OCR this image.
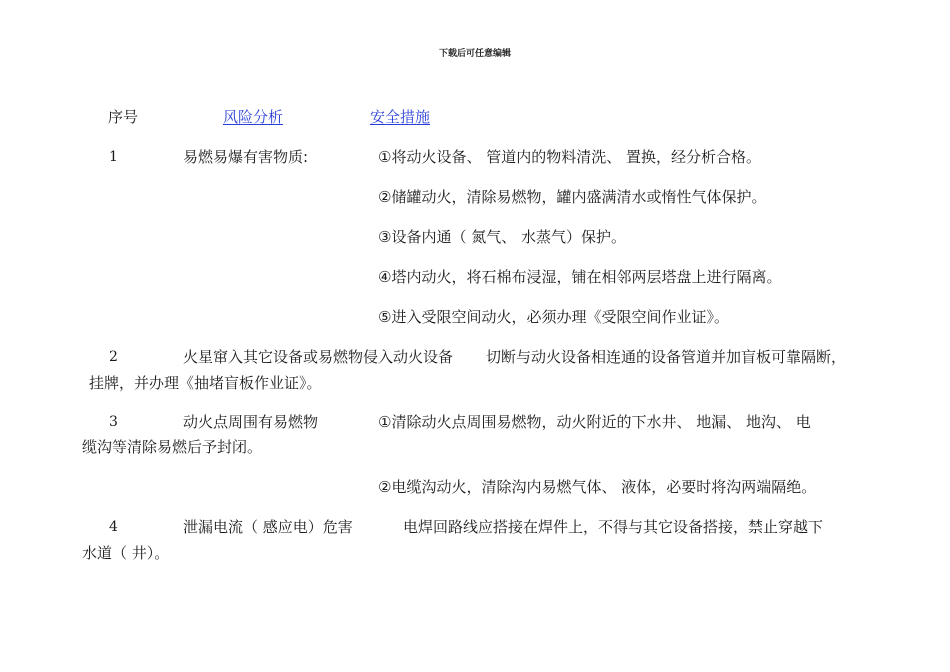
下载后可任意编辑
序号	风险分析	安全措施
1	易燃易爆有害物质:	①将动火设备、 管道内的物料清洗、 置换，经分析合格。
②储罐动火，清除易燃物，罐内盛满清水或惰性气体保护。
③设备内通（ 氮气、 水蒸气）保护。
④塔内动火，将石棉布浸湿，铺在相邻两层塔盘上进行隔离。
⑤进入受限空间动火，必须办理《受限空间作业证》。
2	火星窜入其它设备或易燃物侵入动火设备 切断与动火设备相连通的设备管道并加盲板可靠隔断，
挂牌，并办理《抽堵盲板作业证》。
3	动火点周围有易燃物	①清除动火点周围易燃物，动火附近的下水井、 地漏、 地沟、 电
缆沟等清除易燃后予封闭。
②电缆沟动火，清除沟内易燃气体、 液体，必要时将沟两端隔绝。
4	泄漏电流（ 感应电）危害	电焊回路线应搭接在焊件上，不得与其它设备搭接，禁止穿越下
水道（ 井）。
